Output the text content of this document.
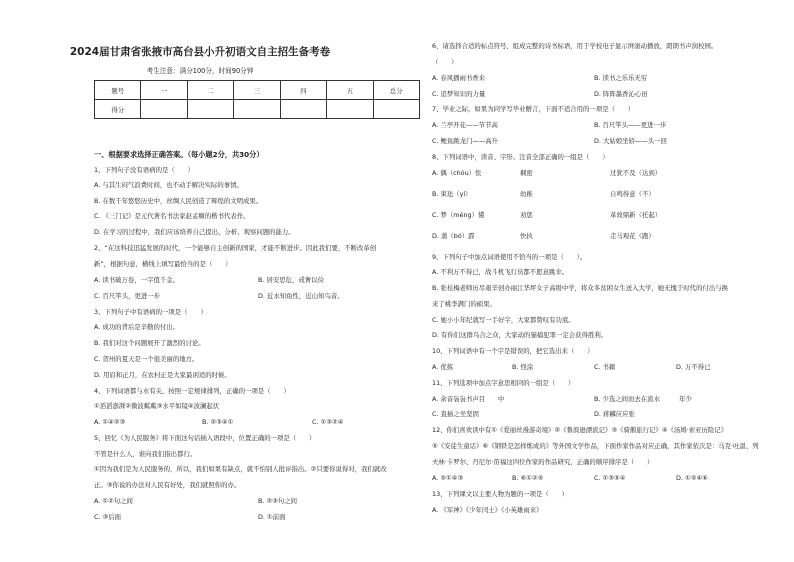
2024届甘肃省张掖市高台县小升初语文自主招生备考卷
考生注意：满分100分，时间90分钟
题号	一	二	三	四	五	总分
得分						
一、根据要求选择正确答案。（每小题2分，共30分）
1、下列句子没有语病的是（　　）
A. 与其生闷气浪费时间，也不动手解决实际的事情。
B. 在数千年悠悠历史中，丝绸人民创造了辉煌的文明成果。
C. 《三门记》是元代著名书法家赵孟頫的楷书代表作。
D. 在学习的过程中，我们应该培养自己提出、分析、观察问题的能力。
2、“在这科技迅猛发展的时代，一个能够自主创新的国家，才能不断进步。因此我们要，不断改革创
新”，根据句意，横线上填写最恰当的是（　　）
A. 读书破万卷，一字值千金。	B. 居安思危，戒奢以俭
C. 百尺竿头，更进一步	D. 近水知鱼性，近山知鸟音。
3、下列句子中有语病的一项是（　　）
A. 成功的背后是辛勤的付出。
B. 我们对这个问题展开了激烈的讨论。
C. 贺州的夏天是一个很美丽的地方。
D. 用眉和正月，在农村正是大家最闲适的时候。
4、下列词语都与水有关，按照一定规律排列，正确的一项是（　　）
①滔滔澎湃②微波粼粼③水平如镜④波澜起伏
A. ①④②③	B. ②③④①	C. ①③②④
5、回忆《为人民服务》将下面这句话插入语段中，位置正确的一项是（　　）
不管是什么人，谁向我们指出都行。
①因为我们是为人民服务的，所以，我们如果有缺点，就不怕别人批评指出。②只要你说得对，我们就改
正。③你说的办法对人民有好处，我们就照你的办。
A. ①②句之间	B. ②③句之间
C. ③后面	D. ①前面
6、请选择合适的标点符号，组成完整的诗书标语，用于学校电子显示屏滚动播放，朗朗书声润校园。
（　　）
A. 春风播雨书香来	B. 读书之乐乐无穷
C. 追梦知识的力量	D. 阵阵墨香沁心田
7、毕业之际，如果为同学写毕业赠言，下面不适合用的一项是（　　）
A. 兰亭开花——节节高	B. 百尺竿头——更进一步
C. 鲤鱼跳龙门——高升	D. 大姑娘坐轿——头一回
8、下列词语中，读音、字形、注音全部正确的一组是（　　）
A. 偶（chóu）怅	稠密	过犹不及（达到）
B. 束珐（yí）	幼稚	自鸣得意（不）
C. 梦（méng）懂	劝惩	革故鼎新（托起）
D. 蒲（bó）霹	快执	走马观花（跑）
9、下列句子中加点词语使用不恰当的一项是（　　）。
A. 不利万不得已，战斗机飞行员都不愿意跳伞。
B. 张桂梅老师历尽艰辛创办丽江华坪女子高级中学，将众多贫困女生送入大学，她无愧于时代的付出与换
来了桃李满门的硕果。
C. 她小小年纪就写一手好字，大家都赞叹有功底。
D. 有你们这群乌合之众，大家动的猫捕犯罪一定会获得胜利。
10、下列词语中有一个字是错误的，把它选出来（　　）
A. 优拣	B. 怪涂	C. 书籍	D. 万不得已
11、下列选项中加点字意思相同的一组是（　　）
A. 余音袅袅书声目　　中	B. 少选之间而去在流水　　　年少
C. 直插之坐坚固	D. 蒋麟应应张
12、你们喜欢读中有①《爱丽丝漫游奇境》②《鲁滨逊漂流记》③《骑鹅旅行记》④《汤姆·索亚历险记》
⑤《安徒生童话》⑥《钢铁是怎样炼成的》等外国文学作品，下面作家作品对应正确，其作家依次是：马克·吐温、列
夫林·卡罗尔、丹尼尔·笛福这四位作家的作品研究，正确的顺序排序是（　　）
A. ⑤①④③	B. ⑥①②⑤	C. ①③⑤④	D. ①⑤④⑥
13、下列课文以主要人物为题的一项是（　　）
A. 《军神》《少年闰土》《小英雄雨来》
